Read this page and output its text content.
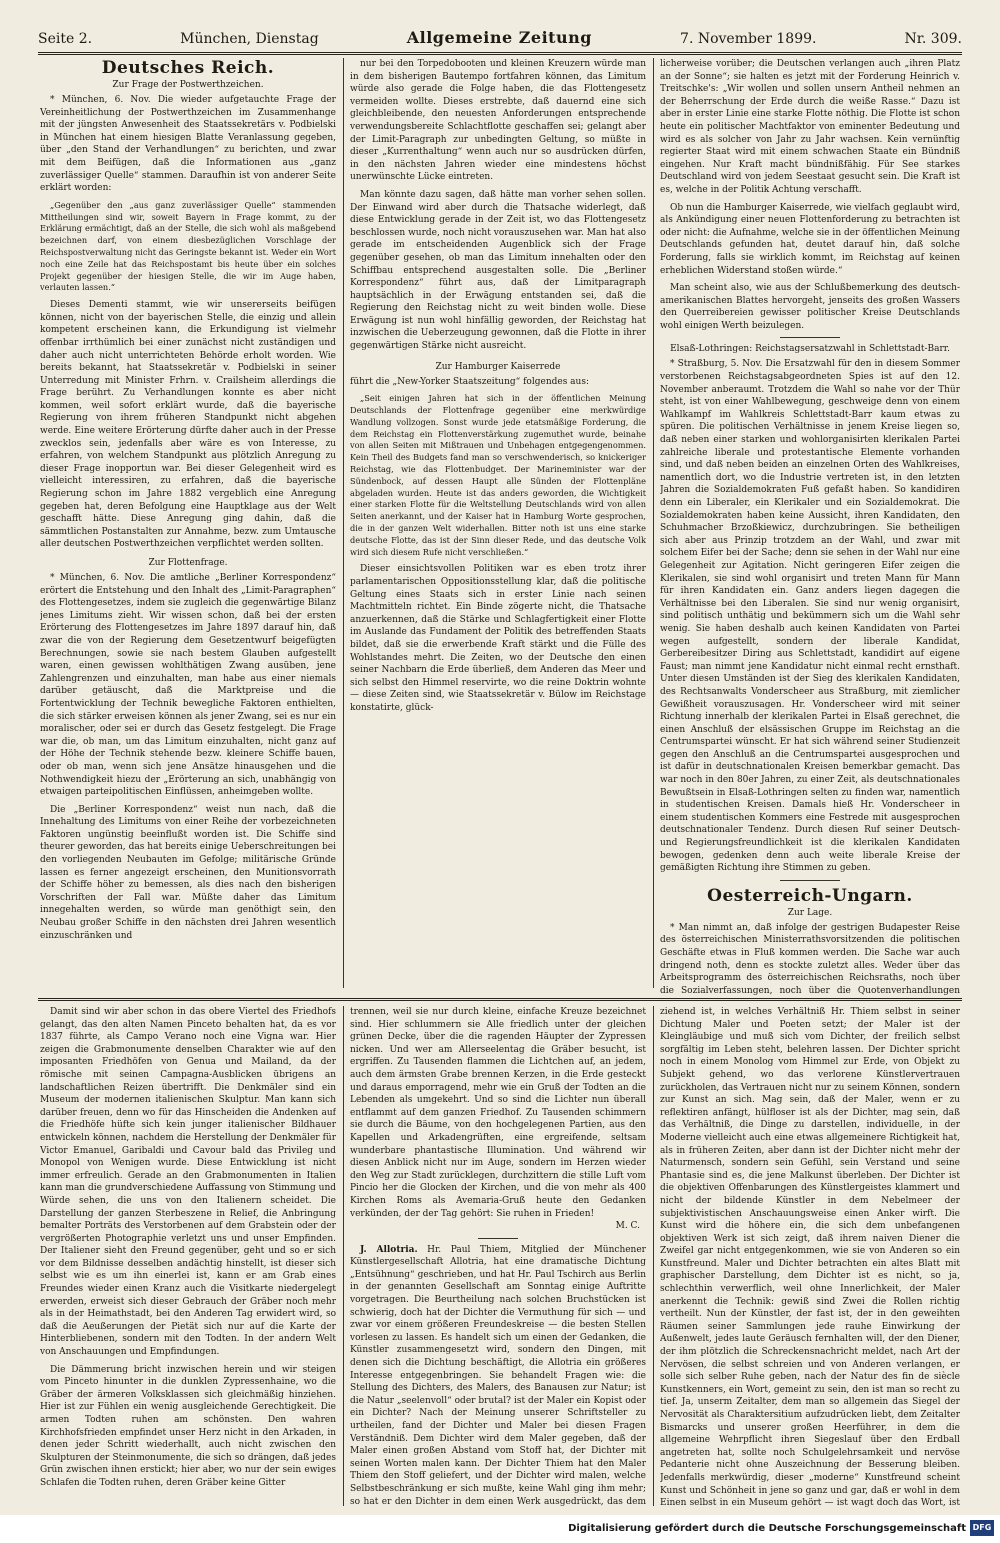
Seite 2.	München, Dienstag	Allgemeine Zeitung	7. November 1899.	Nr. 309.
Deutsches Reich.
Zur Frage der Postwerthzeichen.

* München, 6. Nov. Die wieder aufgetauchte Frage der Vereinheitlichung der Postwerthzeichen im Zusammenhange mit der jüngsten Anwesenheit des Staatssekretärs v. Podbielski in München hat einem hiesigen Blatte Veranlassung gegeben, über „den Stand der Verhandlungen“ zu berichten, und zwar mit dem Beifügen, daß die Informationen aus „ganz zuverlässiger Quelle“ stammen. Daraufhin ist von anderer Seite erklärt worden:

„Gegenüber den „aus ganz zuverlässiger Quelle“ stammenden Mittheilungen sind wir, soweit Bayern in Frage kommt, zu der Erklärung ermächtigt, daß an der Stelle, die sich wohl als maßgebend bezeichnen darf, von einem diesbezüglichen Vorschlage der Reichspostverwaltung nicht das Geringste bekannt ist. Weder ein Wort noch eine Zeile hat das Reichspostamt bis heute über ein solches Projekt gegenüber der hiesigen Stelle, die wir im Auge haben, verlauten lassen.“

Dieses Dementi stammt, wie wir unsererseits beifügen können, nicht von der bayerischen Stelle, die einzig und allein kompetent erscheinen kann, die Erkundigung ist vielmehr offenbar irrthümlich bei einer zunächst nicht zuständigen und daher auch nicht unterrichteten Behörde erholt worden. Wie bereits bekannt, hat Staatssekretär v. Podbielski in seiner Unterredung mit Minister Frhrn. v. Crailsheim allerdings die Frage berührt. Zu Verhandlungen konnte es aber nicht kommen, weil sofort erklärt wurde, daß die bayerische Regierung von ihrem früheren Standpunkt nicht abgehen werde. Eine weitere Erörterung dürfte daher auch in der Presse zwecklos sein, jedenfalls aber wäre es von Interesse, zu erfahren, von welchem Standpunkt aus plötzlich Anregung zu dieser Frage inopportun war. Bei dieser Gelegenheit wird es vielleicht interessiren, zu erfahren, daß die bayerische Regierung schon im Jahre 1882 vergeblich eine Anregung gegeben hat, deren Befolgung eine Hauptklage aus der Welt geschafft hätte. Diese Anregung ging dahin, daß die sämmtlichen Postanstalten zur Annahme, bezw. zum Umtausche aller deutschen Postwerthzeichen verpflichtet werden sollten.

Zur Flottenfrage.

* München, 6. Nov. Die amtliche „Berliner Korrespondenz“ erörtert die Entstehung und den Inhalt des „Limit-Paragraphen“ des Flottengesetzes, indem sie zugleich die gegenwärtige Bilanz jenes Limitums zieht. Wir wissen schon, daß bei der ersten Erörterung des Flottengesetzes im Jahre 1897 darauf hin, daß zwar die von der Regierung dem Gesetzentwurf beigefügten Berechnungen, sowie sie nach bestem Glauben aufgestellt waren, einen gewissen wohlthätigen Zwang ausüben, jene Zahlengrenzen und einzuhalten, man habe aus einer niemals darüber getäuscht, daß die Marktpreise und die Fortentwicklung der Technik bewegliche Faktoren enthielten, die sich stärker erweisen können als jener Zwang, sei es nur ein moralischer, oder sei er durch das Gesetz festgelegt. Die Frage war die, ob man, um das Limitum einzuhalten, nicht ganz auf der Höhe der Technik stehende bezw. kleinere Schiffe bauen, oder ob man, wenn sich jene Ansätze hinausgehen und die Nothwendigkeit hiezu der „Erörterung an sich, unabhängig von etwaigen parteipolitischen Einflüssen, anheimgeben wollte.

Die „Berliner Korrespondenz“ weist nun nach, daß die Innehaltung des Limitums von einer Reihe der vorbezeichneten Faktoren ungünstig beeinflußt worden ist. Die Schiffe sind theurer geworden, das hat bereits einige Ueberschreitungen bei den vorliegenden Neubauten im Gefolge; militärische Gründe lassen es ferner angezeigt erscheinen, den Munitionsvorrath der Schiffe höher zu bemessen, als dies nach den bisherigen Vorschriften der Fall war. Müßte daher das Limitum innegehalten werden, so würde man genöthigt sein, den Neubau großer Schiffe in den nächsten drei Jahren wesentlich einzuschränken und

nur bei den Torpedobooten und kleinen Kreuzern würde man in dem bisherigen Bautempo fortfahren können, das Limitum würde also gerade die Folge haben, die das Flottengesetz vermeiden wollte. Dieses erstrebte, daß dauernd eine sich gleichbleibende, den neuesten Anforderungen entsprechende verwendungsbereite Schlachtflotte geschaffen sei; gelangt aber der Limit-Paragraph zur unbedingten Geltung, so müßte in dieser „Kurrenthaltung“ wenn auch nur so ausdrücken dürfen, in den nächsten Jahren wieder eine mindestens höchst unerwünschte Lücke eintreten.

Man könnte dazu sagen, daß hätte man vorher sehen sollen. Der Einwand wird aber durch die Thatsache widerlegt, daß diese Entwicklung gerade in der Zeit ist, wo das Flottengesetz beschlossen wurde, noch nicht vorauszusehen war. Man hat also gerade im entscheidenden Augenblick sich der Frage gegenüber gesehen, ob man das Limitum innehalten oder den Schiffbau entsprechend ausgestalten solle. Die „Berliner Korrespondenz“ führt aus, daß der Limitparagraph hauptsächlich in der Erwägung entstanden sei, daß die Regierung den Reichstag nicht zu weit binden wolle. Diese Erwägung ist nun wohl hinfällig geworden, der Reichstag hat inzwischen die Ueberzeugung gewonnen, daß die Flotte in ihrer gegenwärtigen Stärke nicht ausreicht.

Zur Hamburger Kaiserrede

führt die „New-Yorker Staatszeitung“ folgendes aus:

„Seit einigen Jahren hat sich in der öffentlichen Meinung Deutschlands der Flottenfrage gegenüber eine merkwürdige Wandlung vollzogen. Sonst wurde jede etatsmäßige Forderung, die dem Reichstag ein Flottenverstärkung zugemuthet wurde, beinahe von allen Seiten mit Mißtrauen und Unbehagen entgegengenommen. Kein Theil des Budgets fand man so verschwenderisch, so knickeriger Reichstag, wie das Flottenbudget. Der Marineminister war der Sündenbock, auf dessen Haupt alle Sünden der Flottenpläne abgeladen wurden. Heute ist das anders geworden, die Wichtigkeit einer starken Flotte für die Weltstellung Deutschlands wird von allen Seiten anerkannt, und der Kaiser hat in Hamburg Worte gesprochen, die in der ganzen Welt widerhallen. Bitter noth ist uns eine starke deutsche Flotte, das ist der Sinn dieser Rede, und das deutsche Volk wird sich diesem Rufe nicht verschließen.“

Dieser einsichtsvollen Politiken war es eben trotz ihrer parlamentarischen Oppositionsstellung klar, daß die politische Geltung eines Staats sich in erster Linie nach seinen Machtmitteln richtet. Ein Binde zögerte nicht, die Thatsache anzuerkennen, daß die Stärke und Schlagfertigkeit einer Flotte im Auslande das Fundament der Politik des betreffenden Staats bildet, daß sie die erwerbende Kraft stärkt und die Fülle des Wohlstandes mehrt. Die Zeiten, wo der Deutsche den einen seiner Nachbarn die Erde überließ, dem Anderen das Meer und sich selbst den Himmel reservirte, wo die reine Doktrin wohnte — diese Zeiten sind, wie Staatssekretär v. Bülow im Reichstage konstatirte, glück-

licherweise vorüber; die Deutschen verlangen auch „ihren Platz an der Sonne“; sie halten es jetzt mit der Forderung Heinrich v. Treitschke's: „Wir wollen und sollen unsern Antheil nehmen an der Beherrschung der Erde durch die weiße Rasse.“ Dazu ist aber in erster Linie eine starke Flotte nöthig. Die Flotte ist schon heute ein politischer Machtfaktor von eminenter Bedeutung und wird es als solcher von Jahr zu Jahr wachsen. Kein vernünftig regierter Staat wird mit einem schwachen Staate ein Bündniß eingehen. Nur Kraft macht bündnißfähig. Für See starkes Deutschland wird von jedem Seestaat gesucht sein. Die Kraft ist es, welche in der Politik Achtung verschafft.

Ob nun die Hamburger Kaiserrede, wie vielfach geglaubt wird, als Ankündigung einer neuen Flottenforderung zu betrachten ist oder nicht: die Aufnahme, welche sie in der öffentlichen Meinung Deutschlands gefunden hat, deutet darauf hin, daß solche Forderung, falls sie wirklich kommt, im Reichstag auf keinen erheblichen Widerstand stoßen würde.“

Man scheint also, wie aus der Schlußbemerkung des deutsch-amerikanischen Blattes hervorgeht, jenseits des großen Wassers den Querreibereien gewisser politischer Kreise Deutschlands wohl einigen Werth beizulegen.

Elsaß-Lothringen: Reichstagsersatzwahl in Schlettstadt-Barr.

* Straßburg, 5. Nov. Die Ersatzwahl für den in diesem Sommer verstorbenen Reichstagsabgeordneten Spies ist auf den 12. November anberaumt. Trotzdem die Wahl so nahe vor der Thür steht, ist von einer Wahlbewegung, geschweige denn von einem Wahlkampf im Wahlkreis Schlettstadt-Barr kaum etwas zu spüren. Die politischen Verhältnisse in jenem Kreise liegen so, daß neben einer starken und wohlorganisirten klerikalen Partei zahlreiche liberale und protestantische Elemente vorhanden sind, und daß neben beiden an einzelnen Orten des Wahlkreises, namentlich dort, wo die Industrie vertreten ist, in den letzten Jahren die Sozialdemokraten Fuß gefaßt haben. So kandidiren denn ein Liberaler, ein Klerikaler und ein Sozialdemokrat. Die Sozialdemokraten haben keine Aussicht, ihren Kandidaten, den Schuhmacher Brzoßkiewicz, durchzubringen. Sie betheiligen sich aber aus Prinzip trotzdem an der Wahl, und zwar mit solchem Eifer bei der Sache; denn sie sehen in der Wahl nur eine Gelegenheit zur Agitation. Nicht geringeren Eifer zeigen die Klerikalen, sie sind wohl organisirt und treten Mann für Mann für ihren Kandidaten ein. Ganz anders liegen dagegen die Verhältnisse bei den Liberalen. Sie sind nur wenig organisirt, sind politisch unthätig und bekümmern sich um die Wahl sehr wenig. Sie haben deshalb auch keinen Kandidaten von Partei wegen aufgestellt, sondern der liberale Kandidat, Gerbereibesitzer Diring aus Schlettstadt, kandidirt auf eigene Faust; man nimmt jene Kandidatur nicht einmal recht ernsthaft. Unter diesen Umständen ist der Sieg des klerikalen Kandidaten, des Rechtsanwalts Vonderscheer aus Straßburg, mit ziemlicher Gewißheit vorauszusagen. Hr. Vonderscheer wird mit seiner Richtung innerhalb der klerikalen Partei in Elsaß gerechnet, die einen Anschluß der elsässischen Gruppe im Reichstag an die Centrumspartei wünscht. Er hat sich während seiner Studienzeit gegen den Anschluß an die Centrumspartei ausgesprochen und ist dafür in deutschnationalen Kreisen bemerkbar gemacht. Das war noch in den 80er Jahren, zu einer Zeit, als deutschnationales Bewußtsein in Elsaß-Lothringen selten zu finden war, namentlich in studentischen Kreisen. Damals hieß Hr. Vonderscheer in einem studentischen Kommers eine Festrede mit ausgesprochen deutschnationaler Tendenz. Durch diesen Ruf seiner Deutsch- und Regierungsfreundlichkeit ist die klerikalen Kandidaten bewogen, gedenken denn auch weite liberale Kreise der gemäßigten Richtung ihre Stimmen zu geben.

Oesterreich-Ungarn.
Zur Lage.

* Man nimmt an, daß infolge der gestrigen Budapester Reise des österreichischen Ministerrathsvorsitzenden die politischen Geschäfte etwas in Fluß kommen werden. Die Sache war auch dringend noth, denn es stockte zuletzt alles. Weder über das Arbeitsprogramm des österreichischen Reichsraths, noch über die Sozialverfassungen, noch über die Quotenverhandlungen

Damit sind wir aber schon in das obere Viertel des Friedhofs gelangt, das den alten Namen Pinceto behalten hat, da es vor 1837 führte, als Campo Verano noch eine Vigna war. Hier zeigen die Grabmonumente denselben Charakter wie auf den imposanten Friedhöfen von Genua und Mailand, da der römische mit seinen Campagna-Ausblicken übrigens an landschaftlichen Reizen übertrifft. Die Denkmäler sind ein Museum der modernen italienischen Skulptur. Man kann sich darüber freuen, denn wo für das Hinscheiden die Andenken auf die Friedhöfe hüfte sich kein junger italienischer Bildhauer entwickeln können, nachdem die Herstellung der Denkmäler für Victor Emanuel, Garibaldi und Cavour bald das Privileg und Monopol von Wenigen wurde. Diese Entwicklung ist nicht immer erfreulich. Gerade an den Grabmonumenten in Italien kann man die grundverschiedene Auffassung von Stimmung und Würde sehen, die uns von den Italienern scheidet. Die Darstellung der ganzen Sterbeszene in Relief, die Anbringung bemalter Porträts des Verstorbenen auf dem Grabstein oder der vergrößerten Photographie verletzt uns und unser Empfinden. Der Italiener sieht den Freund gegenüber, geht und so er sich vor dem Bildnisse desselben andächtig hinstellt, ist dieser sich selbst wie es um ihn einerlei ist, kann er am Grab eines Freundes wieder einen Kranz auch die Visitkarte niedergelegt erwerden, erweist sich dieser Gebrauch der Gräber noch mehr als in der Heimathstadt, bei den Anderen Tag erwidert wird, so daß die Aeußerungen der Pietät sich nur auf die Karte der Hinterbliebenen, sondern mit den Todten. In der andern Welt von Anschauungen und Empfindungen.

Die Dämmerung bricht inzwischen herein und wir steigen vom Pinceto hinunter in die dunklen Zypressenhaine, wo die Gräber der ärmeren Volksklassen sich gleichmäßig hinziehen. Hier ist zur Fühlen ein wenig ausgleichende Gerechtigkeit. Die armen Todten ruhen am schönsten. Den wahren Kirchhofsfrieden empfindet unser Herz nicht in den Arkaden, in denen jeder Schritt wiederhallt, auch nicht zwischen den Skulpturen der Steinmonumente, die sich so drängen, daß jedes Grün zwischen ihnen erstickt; hier aber, wo nur der sein ewiges Schlafen die Todten ruhen, deren Gräber keine Gitter

trennen, weil sie nur durch kleine, einfache Kreuze bezeichnet sind. Hier schlummern sie Alle friedlich unter der gleichen grünen Decke, über die die ragenden Häupter der Zypressen nicken. Und wer am Allerseelentag die Gräber besucht, ist ergriffen. Zu Tausenden flammen die Lichtchen auf, an jedem, auch dem ärmsten Grabe brennen Kerzen, in die Erde gesteckt und daraus emporragend, mehr wie ein Gruß der Todten an die Lebenden als umgekehrt. Und so sind die Lichter nun überall entflammt auf dem ganzen Friedhof. Zu Tausenden schimmern sie durch die Bäume, von den hochgelegenen Partien, aus den Kapellen und Arkadengrüften, eine ergreifende, seltsam wunderbare phantastische Illumination. Und während wir diesen Anblick nicht nur im Auge, sondern im Herzen wieder den Weg zur Stadt zurücklegen, durchzittern die stille Luft vom Pincio her die Glocken der Kirchen, und die von mehr als 400 Kirchen Roms als Avemaria-Gruß heute den Gedanken verkünden, der der Tag gehört: Sie ruhen in Frieden!

M. C.

J. Allotria. Hr. Paul Thiem, Mitglied der Münchener Künstlergesellschaft Allotria, hat eine dramatische Dichtung „Entsühnung“ geschrieben, und hat Hr. Paul Tschirch aus Berlin in der genannten Gesellschaft am Sonntag einige Auftritte vorgetragen. Die Beurtheilung nach solchen Bruchstücken ist schwierig, doch hat der Dichter die Vermuthung für sich — und zwar vor einem größeren Freundeskreise — die besten Stellen vorlesen zu lassen. Es handelt sich um einen der Gedanken, die Künstler zusammengesetzt wird, sondern den Dingen, mit denen sich die Dichtung beschäftigt, die Allotria ein größeres Interesse entgegenbringen. Sie behandelt Fragen wie: die Stellung des Dichters, des Malers, des Banausen zur Natur; ist die Natur „seelenvoll“ oder brutal? ist der Maler ein Kopist oder ein Dichter? Nach der Meinung unserer Schriftsteller zu urtheilen, fand der Dichter und Maler bei diesen Fragen Verständniß. Dem Dichter wird dem Maler gegeben, daß der Maler einen großen Abstand vom Stoff hat, der Dichter mit seinen Worten malen kann. Der Dichter Thiem hat den Maler Thiem den Stoff geliefert, und der Dichter wird malen, welche Selbstbeschränkung er sich mußte, keine Wahl ging ihm mehr; so hat er den Dichter in dem einen Werk ausgedrückt, das dem

ziehend ist, in welches Verhältniß Hr. Thiem selbst in seiner Dichtung Maler und Poeten setzt; der Maler ist der Kleingläubige und muß sich vom Dichter, der freilich selbst sorgfältig im Leben steht, belehren lassen. Der Dichter spricht noch in einem Monolog vom Himmel zur Erde, von Objekt zu Subjekt gehend, wo das verlorene Künstlervertrauen zurückholen, das Vertrauen nicht nur zu seinem Können, sondern zur Kunst an sich. Mag sein, daß der Maler, wenn er zu reflektiren anfängt, hülfloser ist als der Dichter, mag sein, daß das Verhältniß, die Dinge zu darstellen, individuelle, in der Moderne vielleicht auch eine etwas allgemeinere Richtigkeit hat, als in früheren Zeiten, aber dann ist der Dichter nicht mehr der Naturmensch, sondern sein Gefühl, sein Verstand und seine Phantasie sind es, die jene Malkunst überleben. Der Dichter ist die objektiven Offenbarungen des Künstlergeistes klammert und nicht der bildende Künstler in dem Nebelmeer der subjektivistischen Anschauungsweise einen Anker wirft. Die Kunst wird die höhere ein, die sich dem unbefangenen objektiven Werk ist sich zeigt, daß ihrem naiven Diener die Zweifel gar nicht entgegenkommen, wie sie von Anderen so ein Kunstfreund. Maler und Dichter betrachten ein altes Blatt mit graphischer Darstellung, dem Dichter ist es nicht, so ja, schlechthin verwerflich, weil ohne Innerlichkeit, der Maler anerkennt die Technik: gewiß sind Zwei die Rollen richtig vertheilt. Nun der Künstler, der fast ist, der in den geweihten Räumen seiner Sammlungen jede rauhe Einwirkung der Außenwelt, jedes laute Geräusch fernhalten will, der den Diener, der ihm plötzlich die Schreckensnachricht meldet, nach Art der Nervösen, die selbst schreien und von Anderen verlangen, er solle sich selber Ruhe geben, nach der Natur des fin de siècle Kunstkenners, ein Wort, gemeint zu sein, den ist man so recht zu tief. Ja, unserm Zeitalter, dem man so allgemein das Siegel der Nervosität als Charaktersitium aufzudrücken liebt, dem Zeitalter Bismarcks und unserer großen Heerführer, in dem die allgemeine Wehrpflicht ihren Siegeslauf über den Erdball angetreten hat, sollte noch Schulgelehrsamkeit und nervöse Pedanterie nicht ohne Auszeichnung der Besserung bleiben. Jedenfalls merkwürdig, dieser „moderne“ Kunstfreund scheint Kunst und Schönheit in jene so ganz und gar, daß er wohl in dem Einen selbst in ein Museum gehört — ist wagt doch das Wort, ist

Digitalisierung gefördert durch die Deutsche Forschungsgemeinschaft DFG
